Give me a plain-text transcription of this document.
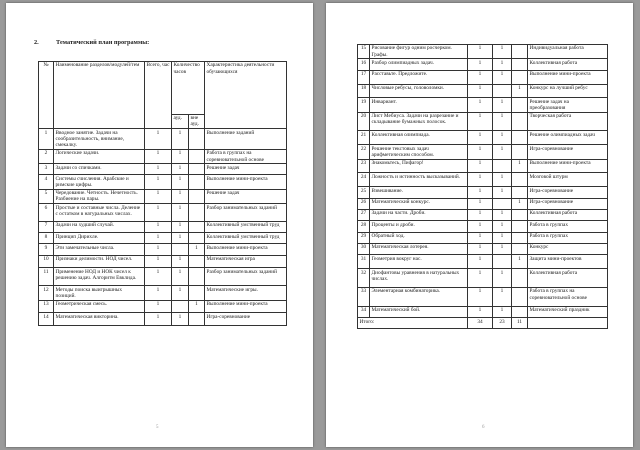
2.	Тематический план программы:
№	Наименование разделов/модулей/тем	Всего, час	Количество часов		Характеристика деятельности обучающихся
			ауд.	вне ауд.	
1	Вводное занятие. Задачи на сообразительность, внимание, смекалку.	1	1		Выполнение заданий
2	Логические задачи.	1	1		Работа в группах на соревновательной основе
3	Задачи со спичками.	1	1		Решение задач
4	Системы счисления. Арабские и римские цифры.	1	1		Выполнение мини-проекта
5	Чередование. Четность. Нечетность. Разбиение на пары.	1	1		Решение задач
6	Простые и составные числа. Деление с остатком в натуральных числах.	1	1		Разбор занимательных заданий
7	Задачи на худший случай.	1	1		Коллективный умственный труд
8	Принцип Дирихле.	1	1		Коллективный умственный труд
9	Эти замечательные числа.	1		1	Выполнение мини-проекта
10	Признаки делимости. НОД чисел.	1	1		Математическая игра
11	Применение НОД и НОК чисел к решению задач. Алгоритм Евклида.	1	1		Разбор занимательных заданий
12	Методы поиска выигрышных позиций.	1	1		Математические игры.
13	Геометрическая смесь.	1		1	Выполнение мини-проекта
14	Математическая викторина.	1	1		Игра-соревнование
5
15	Рисование фигур одним росчерком. Графы.	1	1		Индивидуальная работа
16	Разбор олимпиадных задач.	1	1		Коллективная работа
17	Расставьте. Предложите.	1	1		Выполнение мини-проекта
18	Числовые ребусы, головоломки.	1		1	Конкурс на лучший ребус
19	Инвариант.	1	1		Решение задач на преобразования
20	Лист Мебиуса. Задачи на разрезание и складывание бумажных полосок.	1	1		Творческая работа
21	Коллективная олимпиада.	1	1		Решение олимпиадных задач
22	Решение текстовых задач арифметическим способом.	1	1		Игра-соревнование
23	Знакомьтесь, Пифагор!	1		1	Выполнение мини-проекта
24	Ложность и истинность высказываний.	1	1		Мозговой штурм
25	Взвешивание.	1	1		Игра-соревнование
26	Математический конкурс.	1		1	Игра-соревнование
27	Задачи на части. Дроби.	1	1		Коллективная работа
28	Проценты и дроби.	1	1		Работа в группах
29	Обратный ход.	1	1		Работа в группах
30	Математическая лотерея.	1	1		Конкурс
31	Геометрия вокруг нас.	1		1	Защита мини-проектов
32	Диофантовы уравнения в натуральных числах.	1	1		Коллективная работа
33	Элементарная комбинаторика.	1	1		Работа в группах на соревновательной основе
34	Математический бой.	1	1		Математический праздник
Итого:		34	23	11	
6
